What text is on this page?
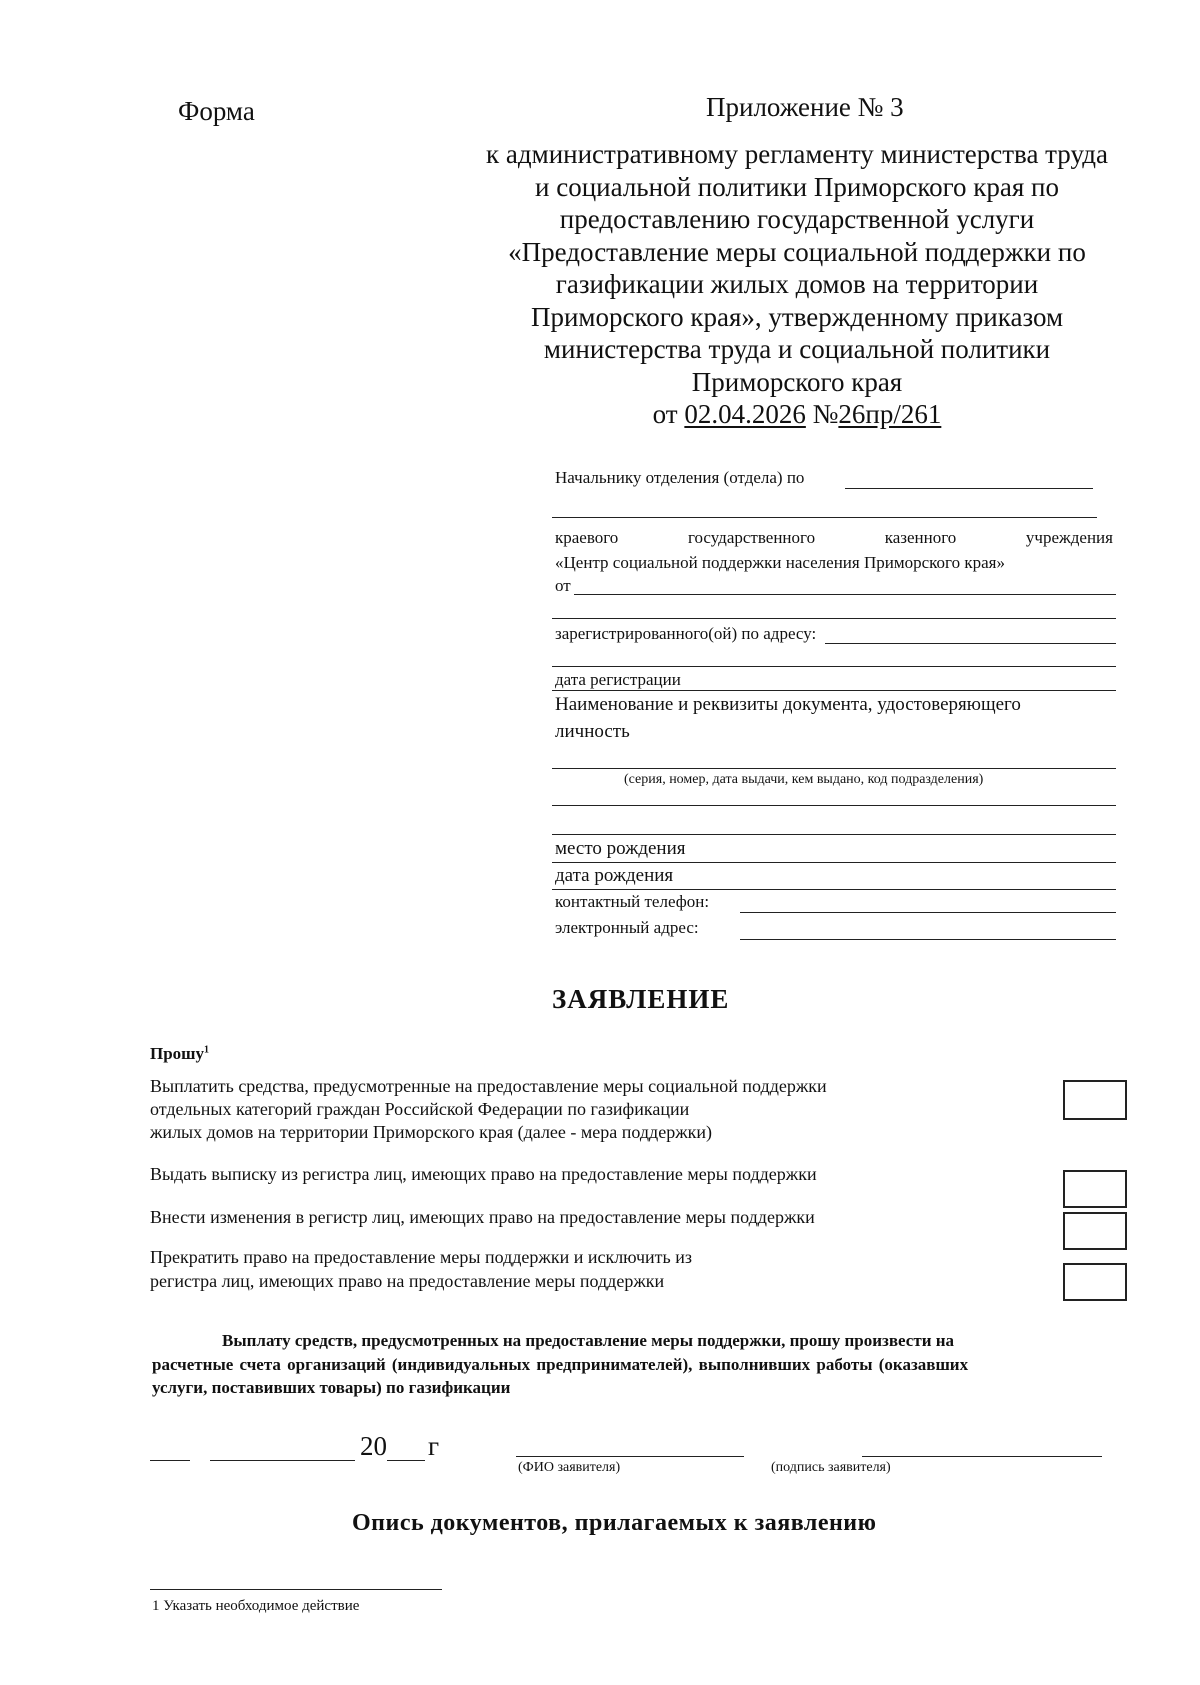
Форма	Приложение № 3
к административному регламенту министерства труда
и социальной политики Приморского края по
предоставлению государственной услуги
«Предоставление меры социальной поддержки по
газификации жилых домов на территории
Приморского края», утвержденному приказом
министерства труда и социальной политики
Приморского края
от 02.04.2026 №26пр/261
Начальнику отделения (отдела) по
краевого	государственного	казенного	учреждения
«Центр социальной поддержки населения Приморского края»
от
зарегистрированного(ой) по адресу:
дата регистрации
Наименование и реквизиты документа, удостоверяющего
личность
(серия, номер, дата выдачи, кем выдано, код подразделения)
место рождения
дата рождения
контактный телефон:
электронный адрес:
ЗАЯВЛЕНИЕ
Прошу$^1$
Выплатить средства, предусмотренные на предоставление меры социальной поддержки
отдельных категорий граждан Российской Федерации по газификации
жилых домов на территории Приморского края (далее - мера поддержки)
Выдать выписку из регистра лиц, имеющих право на предоставление меры поддержки
Внести изменения в регистр лиц, имеющих право на предоставление меры поддержки
Прекратить право на предоставление меры поддержки и исключить из
регистра лиц, имеющих право на предоставление меры поддержки
Выплату средств, предусмотренных на предоставление меры поддержки, прошу произвести на
расчетные счета организаций (индивидуальных предпринимателей), выполнивших работы (оказавших
услуги, поставивших товары) по газификации
20 г
(ФИО заявителя)	(подпись заявителя)
Опись документов, прилагаемых к заявлению
1 Указать необходимое действие
